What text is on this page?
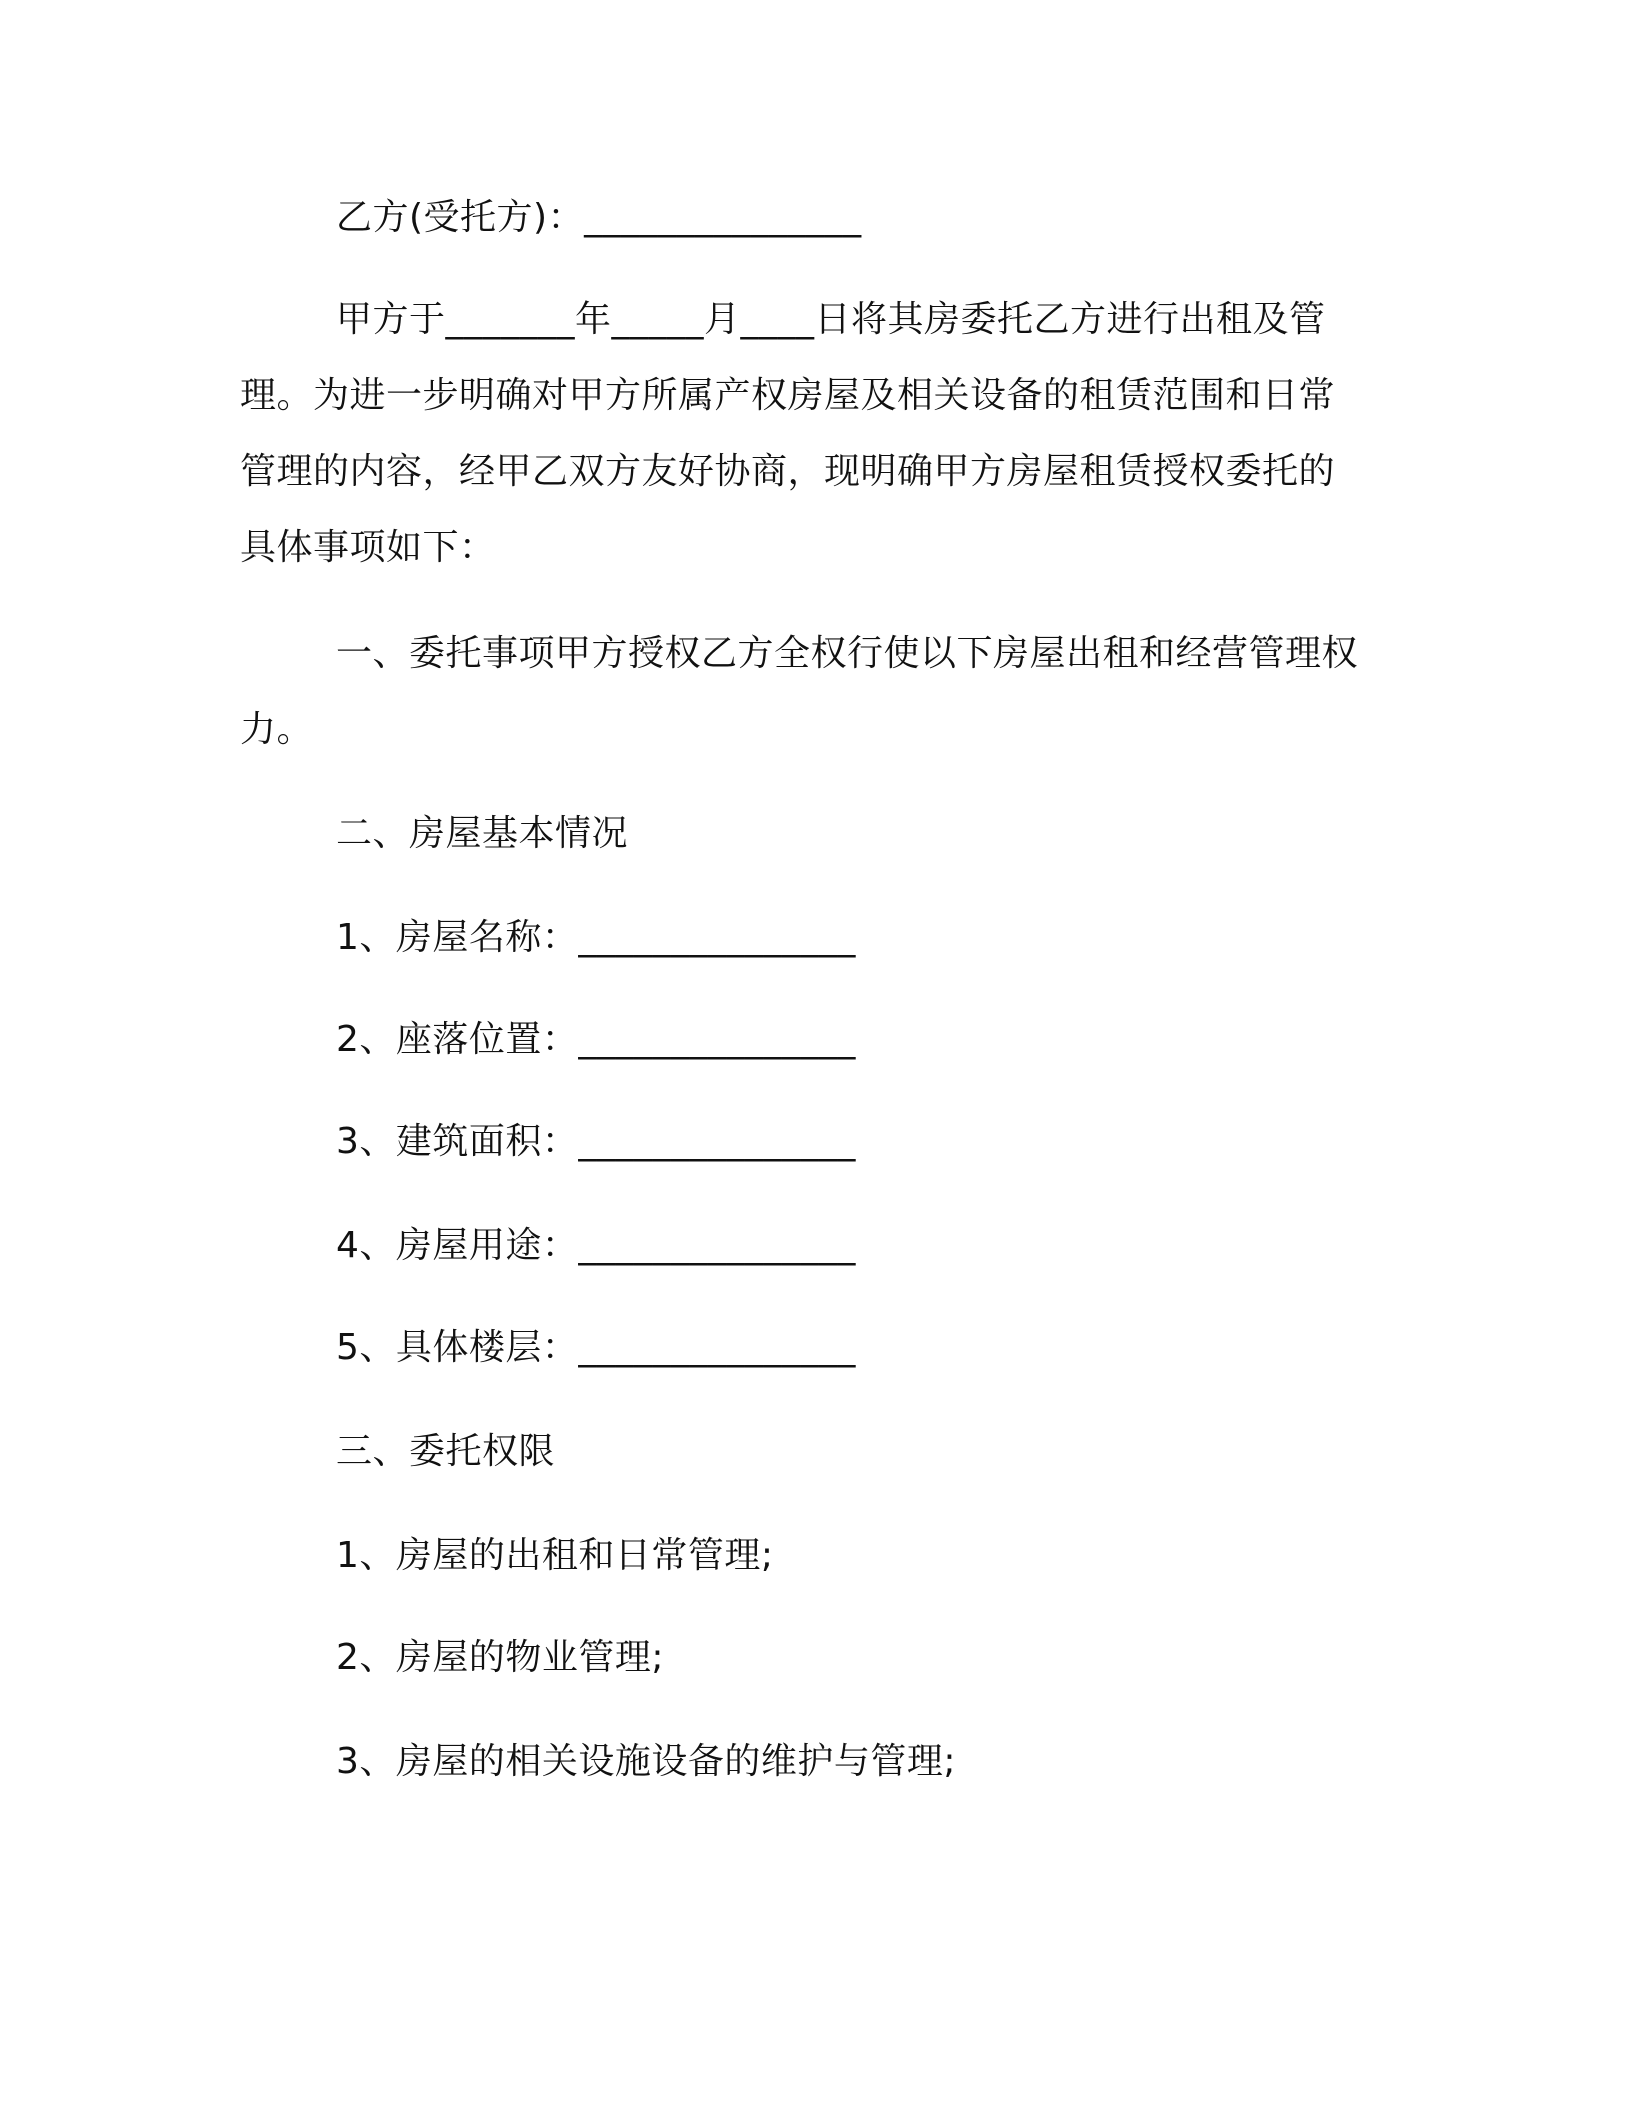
乙方(受托方)：_______________
甲方于_______年_____月____日将其房委托乙方进行出租及管
理。为进一步明确对甲方所属产权房屋及相关设备的租赁范围和日常
管理的内容，经甲乙双方友好协商，现明确甲方房屋租赁授权委托的
具体事项如下：
一、委托事项甲方授权乙方全权行使以下房屋出租和经营管理权
力。
二、房屋基本情况
1、房屋名称：_______________
2、座落位置：_______________
3、建筑面积：_______________
4、房屋用途：_______________
5、具体楼层：_______________
三、委托权限
1、房屋的出租和日常管理;
2、房屋的物业管理;
3、房屋的相关设施设备的维护与管理;
